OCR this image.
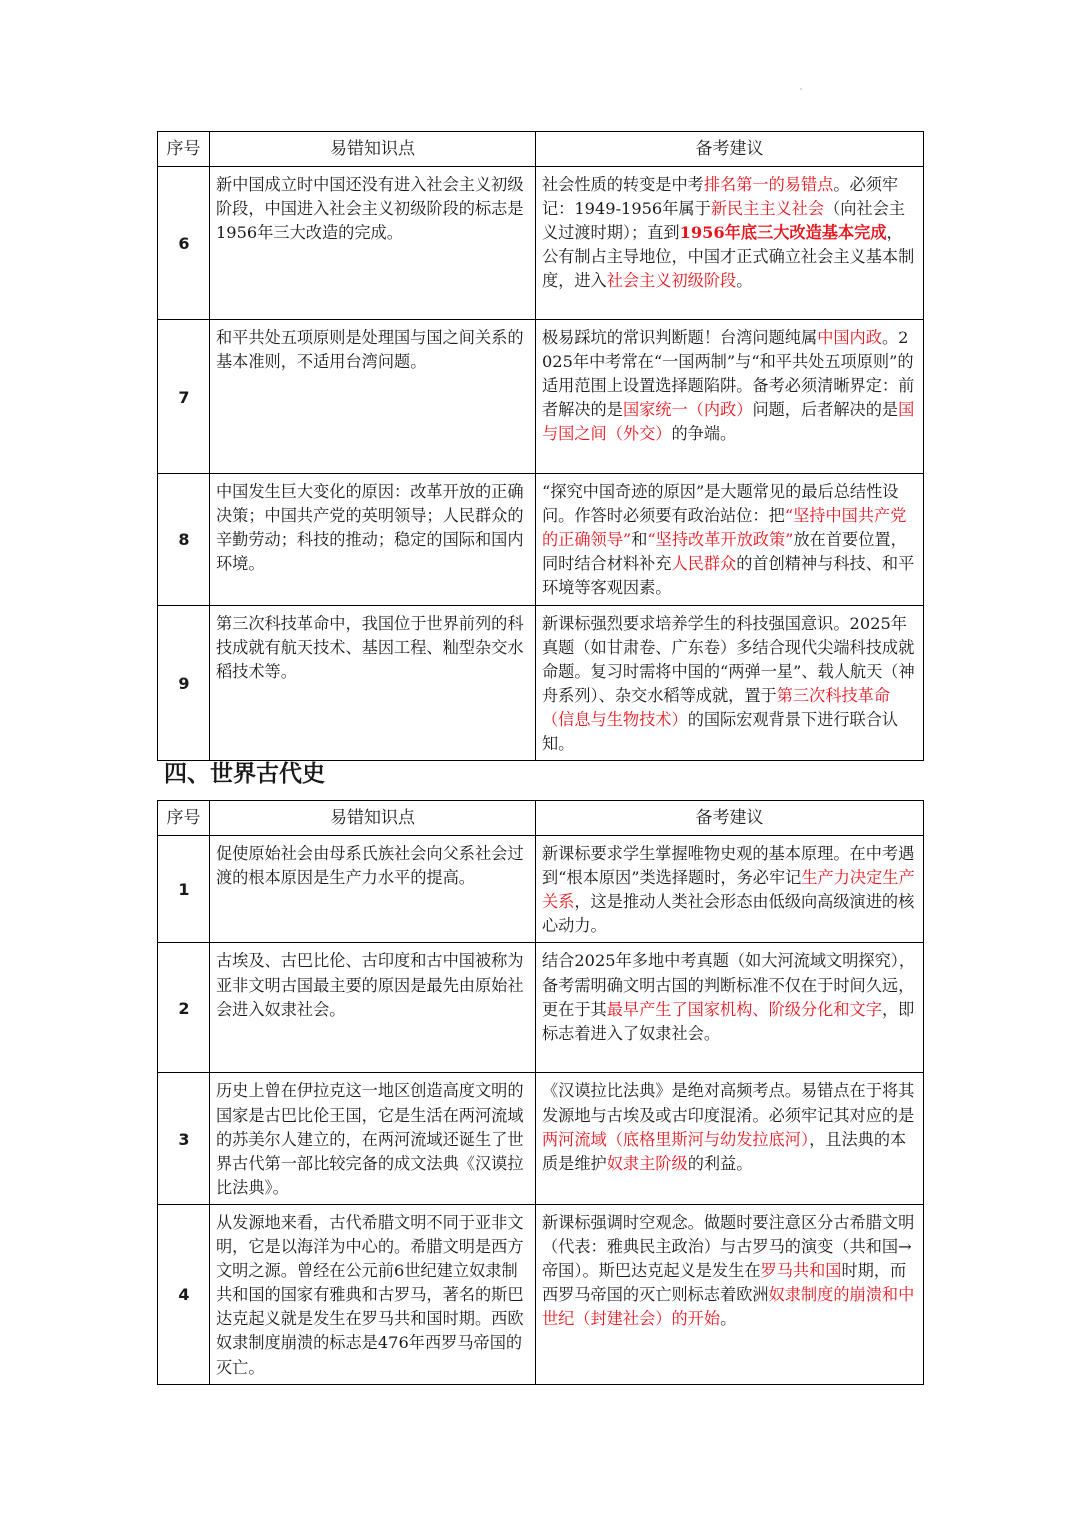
序号	易错知识点	备考建议
6	新中国成立时中国还没有进入社会主义初级阶段，中国进入社会主义初级阶段的标志是1956年三大改造的完成。	社会性质的转变是中考排名第一的易错点。必须牢记：1949-1956年属于新民主主义社会（向社会主义过渡时期）；直到1956年底三大改造基本完成，公有制占主导地位，中国才正式确立社会主义基本制度，进入社会主义初级阶段。
7	和平共处五项原则是处理国与国之间关系的基本准则，不适用台湾问题。	极易踩坑的常识判断题！台湾问题纯属中国内政。2025年中考常在“一国两制”与“和平共处五项原则”的适用范围上设置选择题陷阱。备考必须清晰界定：前者解决的是国家统一（内政）问题，后者解决的是国与国之间（外交）的争端。
8	中国发生巨大变化的原因：改革开放的正确决策；中国共产党的英明领导；人民群众的辛勤劳动；科技的推动；稳定的国际和国内环境。	“探究中国奇迹的原因”是大题常见的最后总结性设问。作答时必须要有政治站位：把“坚持中国共产党的正确领导”和“坚持改革开放政策”放在首要位置，同时结合材料补充人民群众的首创精神与科技、和平环境等客观因素。
9	第三次科技革命中，我国位于世界前列的科技成就有航天技术、基因工程、籼型杂交水稻技术等。	新课标强烈要求培养学生的科技强国意识。2025年真题（如甘肃卷、广东卷）多结合现代尖端科技成就命题。复习时需将中国的“两弹一星”、载人航天（神舟系列）、杂交水稻等成就，置于第三次科技革命（信息与生物技术）的国际宏观背景下进行联合认知。
四、世界古代史
序号	易错知识点	备考建议
1	促使原始社会由母系氏族社会向父系社会过渡的根本原因是生产力水平的提高。	新课标要求学生掌握唯物史观的基本原理。在中考遇到“根本原因”类选择题时，务必牢记生产力决定生产关系，这是推动人类社会形态由低级向高级演进的核心动力。
2	古埃及、古巴比伦、古印度和古中国被称为亚非文明古国最主要的原因是最先由原始社会进入奴隶社会。	结合2025年多地中考真题（如大河流域文明探究），备考需明确文明古国的判断标准不仅在于时间久远，更在于其最早产生了国家机构、阶级分化和文字，即标志着进入了奴隶社会。
3	历史上曾在伊拉克这一地区创造高度文明的国家是古巴比伦王国，它是生活在两河流域的苏美尔人建立的，在两河流域还诞生了世界古代第一部比较完备的成文法典《汉谟拉比法典》。	《汉谟拉比法典》是绝对高频考点。易错点在于将其发源地与古埃及或古印度混淆。必须牢记其对应的是两河流域（底格里斯河与幼发拉底河），且法典的本质是维护奴隶主阶级的利益。
4	从发源地来看，古代希腊文明不同于亚非文明，它是以海洋为中心的。希腊文明是西方文明之源。曾经在公元前6世纪建立奴隶制共和国的国家有雅典和古罗马，著名的斯巴达克起义就是发生在罗马共和国时期。西欧奴隶制度崩溃的标志是476年西罗马帝国的灭亡。	新课标强调时空观念。做题时要注意区分古希腊文明（代表：雅典民主政治）与古罗马的演变（共和国→帝国）。斯巴达克起义是发生在罗马共和国时期，而西罗马帝国的灭亡则标志着欧洲奴隶制度的崩溃和中世纪（封建社会）的开始。
